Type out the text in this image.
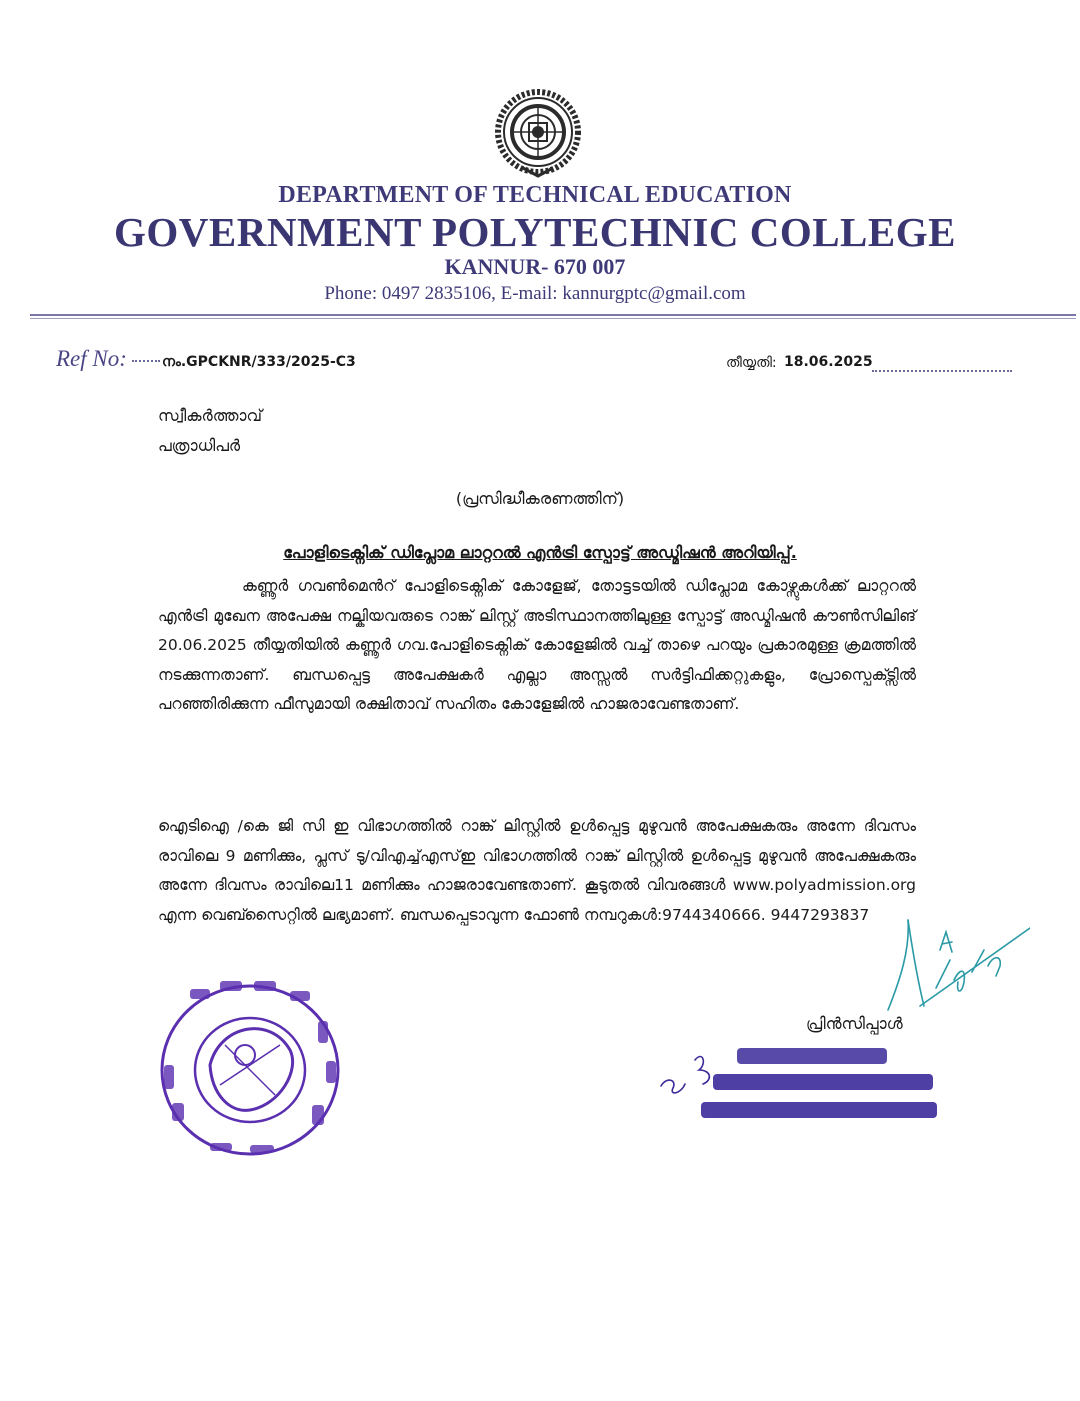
DEPARTMENT OF TECHNICAL EDUCATION
GOVERNMENT POLYTECHNIC COLLEGE
KANNUR- 670 007
Phone: 0497 2835106, E-mail: kannurgptc@gmail.com
Ref No:	നം.GPCKNR/333/2025-C3	തീയ്യതി: 18.06.2025
സ്വീകർത്താവ്
പത്രാധിപർ
(പ്രസിദ്ധീകരണത്തിന്)
പോളിടെക്നിക് ഡിപ്ലോമ ലാറ്ററൽ എൻട്രി സ്പോട്ട് അഡ്മിഷൻ അറിയിപ്പ്.
കണ്ണൂർ ഗവൺമെൻറ് പോളിടെക്നിക് കോളേജ്, തോട്ടടയിൽ ഡിപ്ലോമ കോഴ്സുകൾക്ക് ലാറ്ററൽ എൻട്രി മുഖേന അപേക്ഷ നല്കിയവരുടെ റാങ്ക് ലിസ്റ്റ് അടിസ്ഥാനത്തിലുള്ള സ്പോട്ട് അഡ്മിഷൻ കൗൺസിലിങ് 20.06.2025 തീയ്യതിയിൽ കണ്ണൂർ ഗവ.പോളിടെക്നിക് കോളേജിൽ വച്ച് താഴെ പറയും പ്രകാരമുള്ള ക്രമത്തിൽ നടക്കുന്നതാണ്. ബന്ധപ്പെട്ട അപേക്ഷകർ എല്ലാ അസ്സൽ സർട്ടിഫിക്കറ്റുകളും, പ്രോസ്പെക്ട്സിൽ പറഞ്ഞിരിക്കുന്ന ഫീസുമായി രക്ഷിതാവ് സഹിതം കോളേജിൽ ഹാജരാവേണ്ടതാണ്.
ഐടിഐ /കെ ജി സി ഇ വിഭാഗത്തിൽ റാങ്ക് ലിസ്റ്റിൽ ഉൾപ്പെട്ട മുഴുവൻ അപേക്ഷകരും അന്നേ ദിവസം രാവിലെ 9 മണിക്കും, പ്ലസ് ടു/വിഎച്ച്എസ്ഇ വിഭാഗത്തിൽ റാങ്ക് ലിസ്റ്റിൽ ഉൾപ്പെട്ട മുഴുവൻ അപേക്ഷകരും അന്നേ ദിവസം രാവിലെ11 മണിക്കും ഹാജരാവേണ്ടതാണ്. കൂടുതൽ വിവരങ്ങൾ www.polyadmission.org എന്ന വെബ്സൈറ്റിൽ ലഭ്യമാണ്. ബന്ധപ്പെടാവുന്ന ഫോൺ നമ്പറുകൾ:9744340666. 9447293837
പ്രിൻസിപ്പാൾ
